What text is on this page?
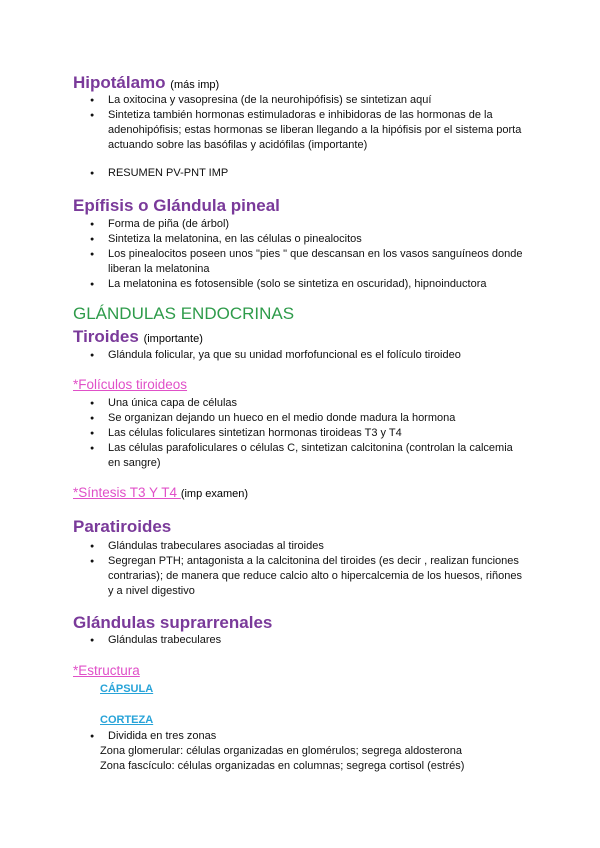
Hipotálamo (más imp)
● La oxitocina y vasopresina (de la neurohipófisis) se sintetizan aquí
● Sintetiza también hormonas estimuladoras e inhibidoras de las hormonas de la
adenohipófisis; estas hormonas se liberan llegando a la hipófisis por el sistema porta
actuando sobre las basófilas y acidófilas (importante)
● RESUMEN PV-PNT IMP
Epífisis o Glándula pineal
● Forma de piña (de árbol)
● Sintetiza la melatonina, en las células o pinealocitos
● Los pinealocitos poseen unos "pies " que descansan en los vasos sanguíneos donde
liberan la melatonina
● La melatonina es fotosensible (solo se sintetiza en oscuridad), hipnoinductora
GLÁNDULAS ENDOCRINAS
Tiroides (importante)
● Glándula folicular, ya que su unidad morfofuncional es el folículo tiroideo
*Folículos tiroideos
● Una única capa de células
● Se organizan dejando un hueco en el medio donde madura la hormona
● Las células foliculares sintetizan hormonas tiroideas T3 y T4
● Las células parafoliculares o células C, sintetizan calcitonina (controlan la calcemia
en sangre)
*Síntesis T3 Y T4 (imp examen)
Paratiroides
● Glándulas trabeculares asociadas al tiroides
● Segregan PTH; antagonista a la calcitonina del tiroides (es decir , realizan funciones
contrarias); de manera que reduce calcio alto o hipercalcemia de los huesos, riñones
y a nivel digestivo
Glándulas suprarrenales
● Glándulas trabeculares
*Estructura
CÁPSULA
CORTEZA
● Dividida en tres zonas
Zona glomerular: células organizadas en glomérulos; segrega aldosterona
Zona fascículo: células organizadas en columnas; segrega cortisol (estrés)
